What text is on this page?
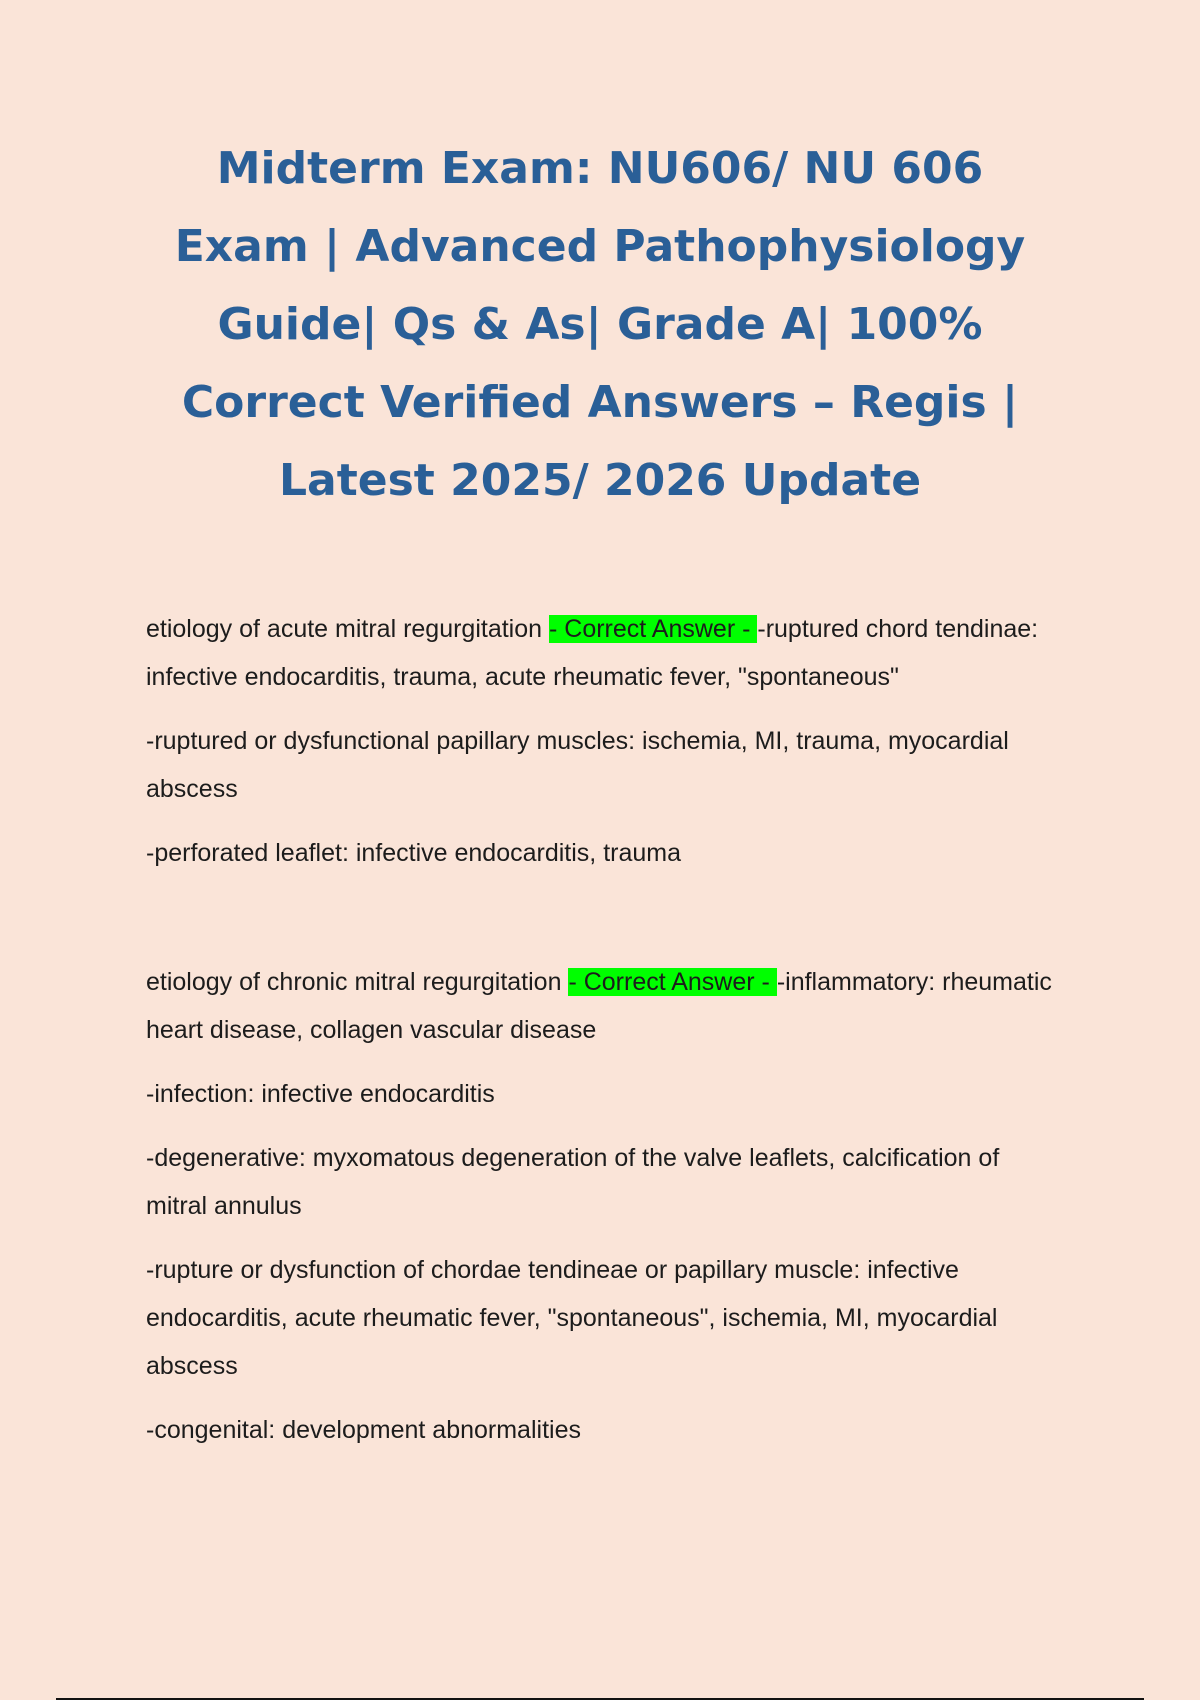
Midterm Exam: NU606/ NU 606
Exam | Advanced Pathophysiology
Guide| Qs & As| Grade A| 100%
Correct Verified Answers – Regis |
Latest 2025/ 2026 Update

etiology of acute mitral regurgitation - Correct Answer - -ruptured chord tendinae: infective endocarditis, trauma, acute rheumatic fever, "spontaneous"

-ruptured or dysfunctional papillary muscles: ischemia, MI, trauma, myocardial abscess

-perforated leaflet: infective endocarditis, trauma

etiology of chronic mitral regurgitation - Correct Answer - -inflammatory: rheumatic heart disease, collagen vascular disease

-infection: infective endocarditis

-degenerative: myxomatous degeneration of the valve leaflets, calcification of mitral annulus

-rupture or dysfunction of chordae tendineae or papillary muscle: infective endocarditis, acute rheumatic fever, "spontaneous", ischemia, MI, myocardial abscess

-congenital: development abnormalities
